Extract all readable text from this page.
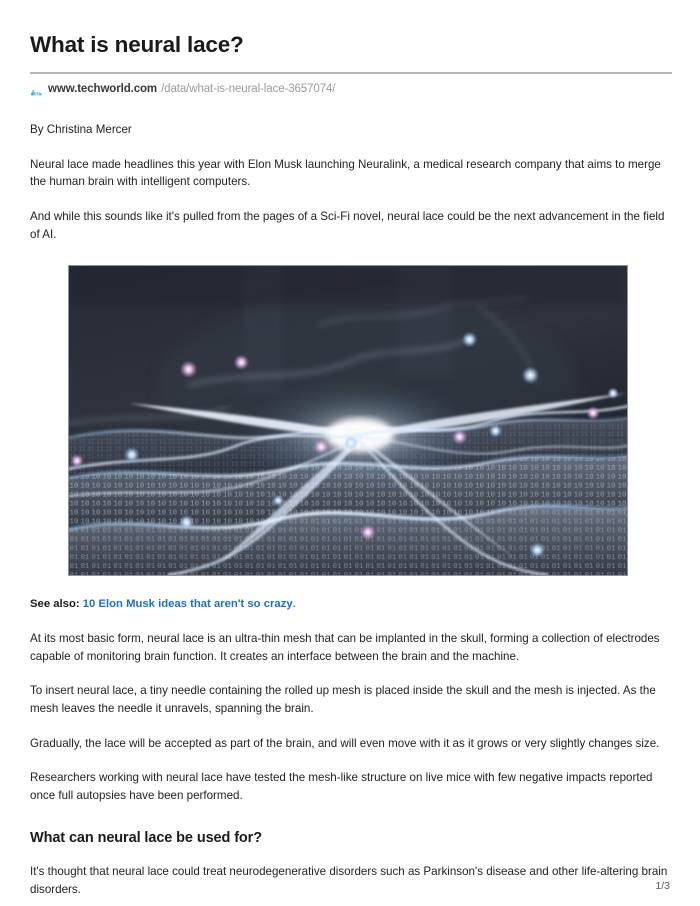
What is neural lace?
www.techworld.com /data/what-is-neural-lace-3657074/
By Christina Mercer

Neural lace made headlines this year with Elon Musk launching Neuralink, a medical research company that aims to merge the human brain with intelligent computers.

And while this sounds like it's pulled from the pages of a Sci-Fi novel, neural lace could be the next advancement in the field of AI.

See also: 10 Elon Musk ideas that aren't so crazy.

At its most basic form, neural lace is an ultra-thin mesh that can be implanted in the skull, forming a collection of electrodes capable of monitoring brain function. It creates an interface between the brain and the machine.

To insert neural lace, a tiny needle containing the rolled up mesh is placed inside the skull and the mesh is injected. As the mesh leaves the needle it unravels, spanning the brain.

Gradually, the lace will be accepted as part of the brain, and will even move with it as it grows or very slightly changes size.

Researchers working with neural lace have tested the mesh-like structure on live mice with few negative impacts reported once full autopsies have been performed.

What can neural lace be used for?

It's thought that neural lace could treat neurodegenerative disorders such as Parkinson's disease and other life-altering brain disorders.	1/3
